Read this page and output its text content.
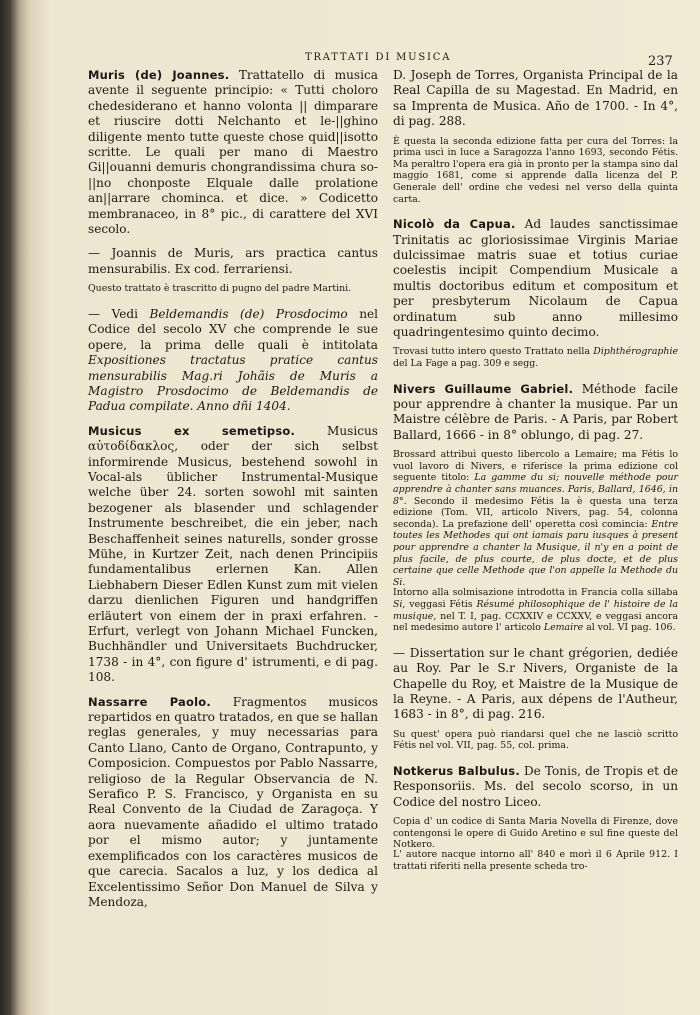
TRATTATI DI MUSICA	237

Muris (de) Joannes. Trattatello di musica avente il seguente principio: « Tutti choloro chedesiderano et hanno volonta || dimparare et riuscire dotti Nelchanto et le-||ghino diligente mento tutte queste chose quid||isotto scritte. Le quali per mano di Maestro Gi||ouanni demuris chongrandissima chura so-||no chonposte Elquale dalle prolatione an||arrare chominca. et dice. » Codicetto membranaceo, in 8° pic., di carattere del XVI secolo.

— Joannis de Muris, ars practica cantus mensurabilis. Ex cod. ferrariensi.

Questo trattato è trascritto di pugno del padre Martini.

— Vedi Beldemandis (de) Prosdocimo nel Codice del secolo XV che comprende le sue opere, la prima delle quali è intitolata Expositiones tractatus pratice cantus mensurabilis Mag.ri Johãis de Muris a Magistro Prosdocimo de Beldemandis de Padua compilate. Anno dñi 1404.

Musicus ex semetipso. Musicus αὐτοδίδακλος, oder der sich selbst informirende Musicus, bestehend sowohl in Vocal-als üblicher Instrumental-Musique welche über 24. sorten sowohl mit sainten bezogener als blasender und schlagender Instrumente beschreibet, die ein jeber, nach Beschaffenheit seines naturells, sonder grosse Mühe, in Kurtzer Zeit, nach denen Principiis fundamentalibus erlernen Kan. Allen Liebhabern Dieser Edlen Kunst zum mit vielen darzu dienlichen Figuren und handgriffen erläutert von einem der in praxi erfahren. - Erfurt, verlegt von Johann Michael Funcken, Buchhändler und Universitaets Buchdrucker, 1738 - in 4°, con figure d' istrumenti, e di pag. 108.

Nassarre Paolo. Fragmentos musicos repartidos en quatro tratados, en que se hallan reglas generales, y muy necessarias para Canto Llano, Canto de Organo, Contrapunto, y Composicion. Compuestos por Pablo Nassarre, religioso de la Regular Observancia de N. Serafico P. S. Francisco, y Organista en su Real Convento de la Ciudad de Zaragoça. Y aora nuevamente añadido el ultimo tratado por el mismo autor; y juntamente exemplificados con los caractères musicos de que carecia. Sacalos a luz, y los dedica al Excelentissimo Señor Don Manuel de Silva y Mendoza,

D. Joseph de Torres, Organista Principal de la Real Capilla de su Magestad. En Madrid, en sa Imprenta de Musica. Año de 1700. - In 4°, di pag. 288.

È questa la seconda edizione fatta per cura del Torres: la prima uscì in luce a Saragozza l'anno 1693, secondo Fétis. Ma peraltro l'opera era già in pronto per la stampa sino dal maggio 1681, come si apprende dalla licenza del P. Generale dell' ordine che vedesi nel verso della quinta carta.

Nicolò da Capua. Ad laudes sanctissimae Trinitatis ac gloriosissimae Virginis Mariae dulcissimae matris suae et totius curiae coelestis incipit Compendium Musicale a multis doctoribus editum et compositum et per presbyterum Nicolaum de Capua ordinatum sub anno millesimo quadringentesimo quinto decimo.

Trovasi tutto intero questo Trattato nella Diphthérographie del La Fage a pag. 309 e segg.

Nivers Guillaume Gabriel. Méthode facile pour apprendre à chanter la musique. Par un Maistre célèbre de Paris. - A Paris, par Robert Ballard, 1666 - in 8° oblungo, di pag. 27.

Brossard attribuì questo libercolo a Lemaire; ma Fétis lo vuol lavoro di Nivers, e riferisce la prima edizione col seguente titolo: La gamme du si; nouvelle méthode pour apprendre à chanter sans muances. Paris, Ballard, 1646, in 8°. Secondo il medesimo Fétis la è questa una terza edizione (Tom. VII, articolo Nivers, pag. 54, colonna seconda). La prefazione dell' operetta così comincia: Entre toutes les Methodes qui ont iamais paru iusques à present pour apprendre a chanter la Musique, il n'y en a point de plus facile, de plus courte, de plus docte, et de plus certaine que celle Methode que l'on appelle la Methode du Si.

Intorno alla solmisazione introdotta in Francia colla sillaba Si, veggasi Fétis Résumé philosophique de l' histoire de la musique, nel T. I, pag. CCXXIV e CCXXV, e veggasi ancora nel medesimo autore l' articolo Lemaire al vol. VI pag. 106.

— Dissertation sur le chant grégorien, dediée au Roy. Par le S.r Nivers, Organiste de la Chapelle du Roy, et Maistre de la Musique de la Reyne. - A Paris, aux dépens de l'Autheur, 1683 - in 8°, di pag. 216.

Su quest' opera può riandarsi quel che ne lasciò scritto Fétis nel vol. VII, pag. 55, col. prima.

Notkerus Balbulus. De Tonis, de Tropis et de Responsoriis. Ms. del secolo scorso, in un Codice del nostro Liceo.

Copia d' un codice di Santa Maria Novella di Firenze, dove contengonsi le opere di Guido Aretino e sul fine queste del Notkero.

L' autore nacque intorno all' 840 e morì il 6 Aprile 912. I trattati riferiti nella presente scheda tro-
